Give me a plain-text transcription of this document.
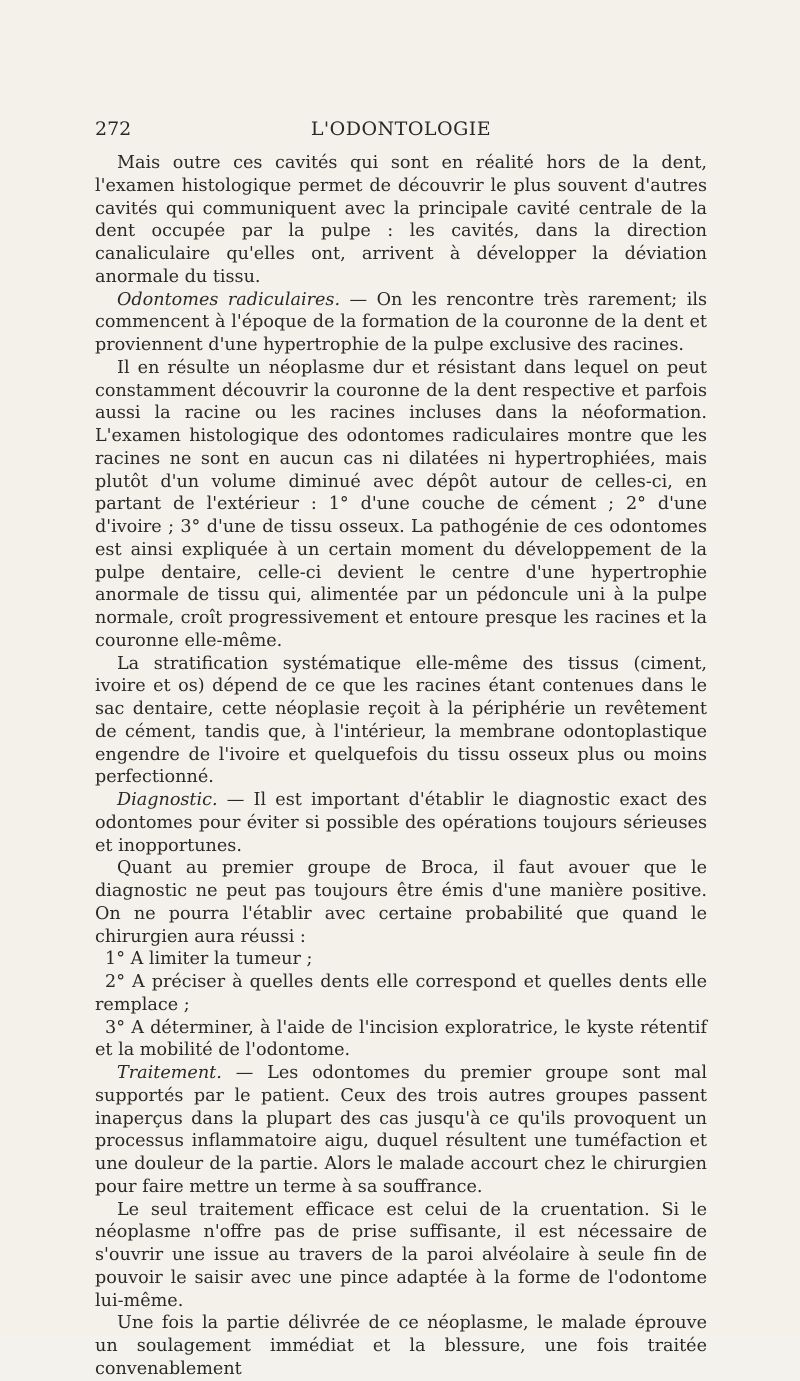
272	L'ODONTOLOGIE

Mais outre ces cavités qui sont en réalité hors de la dent, l'examen histologique permet de découvrir le plus souvent d'autres cavités qui communiquent avec la principale cavité centrale de la dent occupée par la pulpe : les cavités, dans la direction canaliculaire qu'elles ont, arrivent à développer la déviation anormale du tissu.

Odontomes radiculaires. — On les rencontre très rarement; ils commencent à l'époque de la formation de la couronne de la dent et proviennent d'une hypertrophie de la pulpe exclusive des racines.

Il en résulte un néoplasme dur et résistant dans lequel on peut constamment découvrir la couronne de la dent respective et parfois aussi la racine ou les racines incluses dans la néoformation. L'examen histologique des odontomes radiculaires montre que les racines ne sont en aucun cas ni dilatées ni hypertrophiées, mais plutôt d'un volume diminué avec dépôt autour de celles-ci, en partant de l'extérieur : 1° d'une couche de cément ; 2° d'une d'ivoire ; 3° d'une de tissu osseux. La pathogénie de ces odontomes est ainsi expliquée à un certain moment du développement de la pulpe dentaire, celle-ci devient le centre d'une hypertrophie anormale de tissu qui, alimentée par un pédoncule uni à la pulpe normale, croît progressivement et entoure presque les racines et la couronne elle-même.

La stratification systématique elle-même des tissus (ciment, ivoire et os) dépend de ce que les racines étant contenues dans le sac dentaire, cette néoplasie reçoit à la périphérie un revêtement de cément, tandis que, à l'intérieur, la membrane odontoplastique engendre de l'ivoire et quelquefois du tissu osseux plus ou moins perfectionné.

Diagnostic. — Il est important d'établir le diagnostic exact des odontomes pour éviter si possible des opérations toujours sérieuses et inopportunes.

Quant au premier groupe de Broca, il faut avouer que le diagnostic ne peut pas toujours être émis d'une manière positive. On ne pourra l'établir avec certaine probabilité que quand le chirurgien aura réussi :

1° A limiter la tumeur ;

2° A préciser à quelles dents elle correspond et quelles dents elle remplace ;

3° A déterminer, à l'aide de l'incision exploratrice, le kyste rétentif et la mobilité de l'odontome.

Traitement. — Les odontomes du premier groupe sont mal supportés par le patient. Ceux des trois autres groupes passent inaperçus dans la plupart des cas jusqu'à ce qu'ils provoquent un processus inflammatoire aigu, duquel résultent une tuméfaction et une douleur de la partie. Alors le malade accourt chez le chirurgien pour faire mettre un terme à sa souffrance.

Le seul traitement efficace est celui de la cruentation. Si le néoplasme n'offre pas de prise suffisante, il est nécessaire de s'ouvrir une issue au travers de la paroi alvéolaire à seule fin de pouvoir le saisir avec une pince adaptée à la forme de l'odontome lui-même.

Une fois la partie délivrée de ce néoplasme, le malade éprouve un soulagement immédiat et la blessure, une fois traitée convenablement
